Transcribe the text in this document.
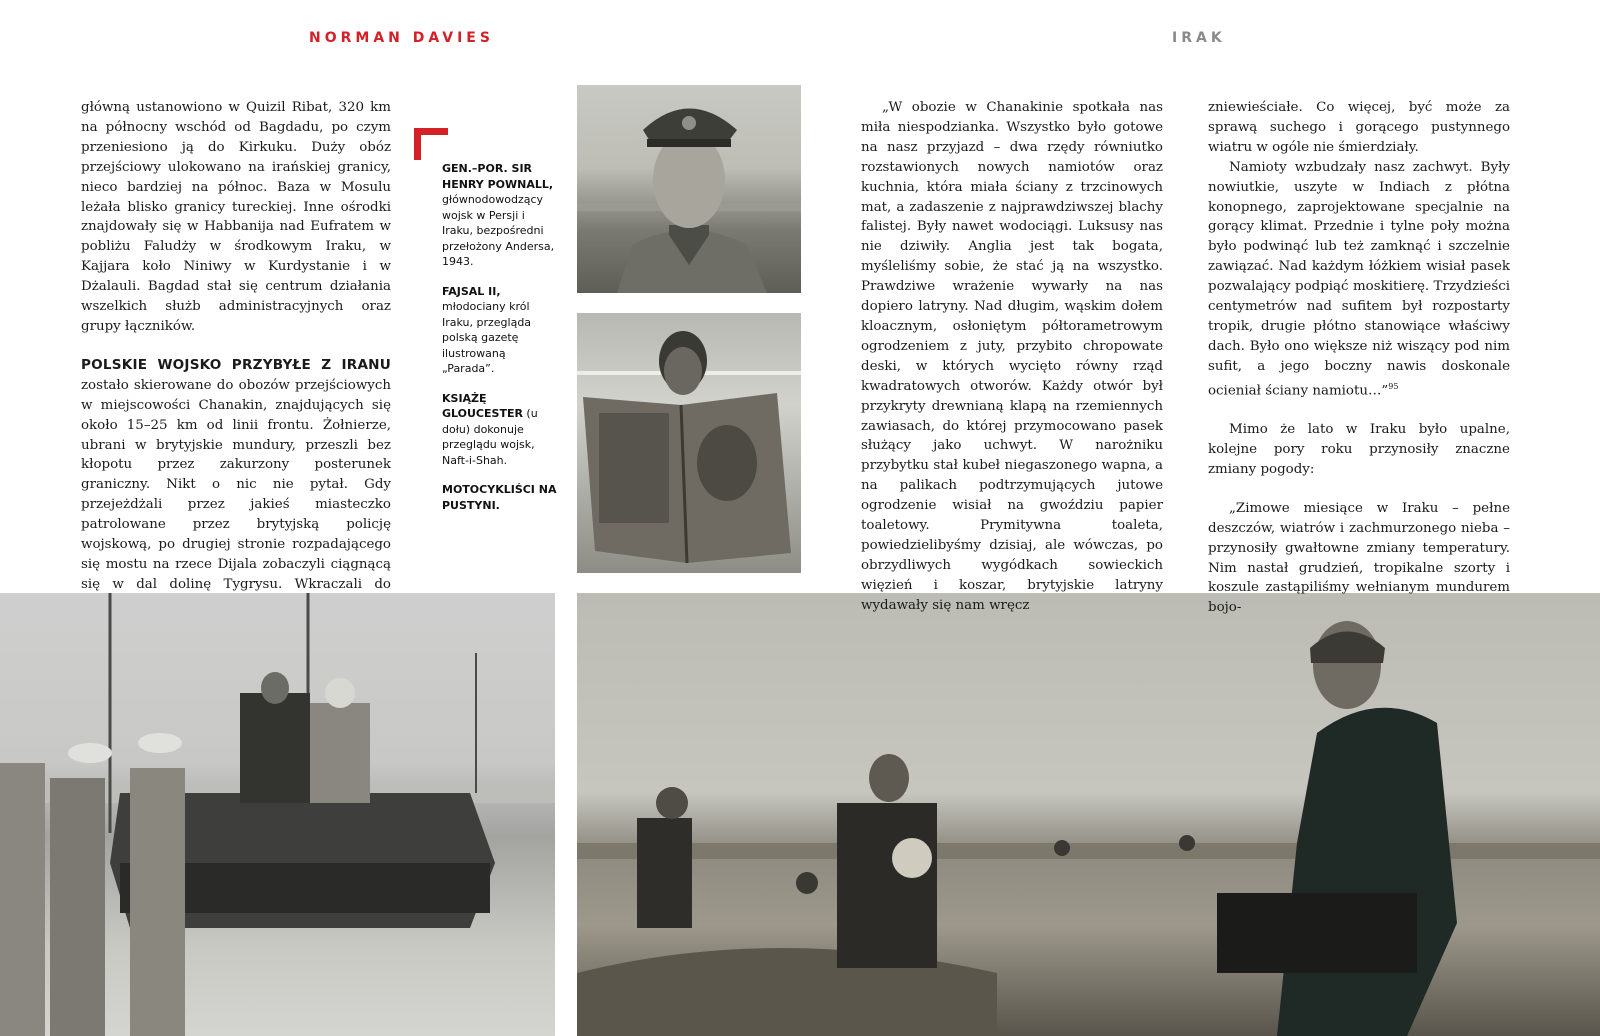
NORMAN DAVIES	IRAK

główną ustanowiono w Quizil Ribat, 320 km na północny wschód od Bagdadu, po czym przeniesiono ją do Kirkuku. Duży obóz przejściowy ulokowano na irańskiej granicy, nieco bardziej na północ. Baza w Mosulu leżała blisko granicy tureckiej. Inne ośrodki znajdowały się w Habbanija nad Eufratem w pobliżu Faludży w środkowym Iraku, w Kajjara koło Niniwy w Kurdystanie i w Dżalauli. Bagdad stał się centrum działania wszelkich służb administracyjnych oraz grupy łączników.

POLSKIE WOJSKO PRZYBYŁE Z IRANU zostało skierowane do obozów przejściowych w miejscowości Chanakin, znajdujących się około 15–25 km od linii frontu. Żołnierze, ubrani w brytyjskie mundury, przeszli bez kłopotu przez zakurzony posterunek graniczny. Nikt o nic nie pytał. Gdy przejeżdżali przez jakieś miasteczko patrolowane przez brytyjską policję wojskową, po drugiej stronie rozpadającego się mostu na rzece Dijala zobaczyli ciągnącą się w dal dolinę Tygrysu. Wkraczali do

GEN.–POR. SIR HENRY POWNALL, głównodowodzący wojsk w Persji i Iraku, bezpośredni przełożony Andersa, 1943.

FAJSAL II, młodociany król Iraku, przegląda polską gazetę ilustrowaną „Parada”.

KSIĄŻĘ GLOUCESTER (u dołu) dokonuje przeglądu wojsk, Naft-i-Shah.

MOTOCYKLIŚCI NA PUSTYNI.

„W obozie w Chanakinie spotkała nas miła niespodzianka. Wszystko było gotowe na nasz przyjazd – dwa rzędy równiutko rozstawionych nowych namiotów oraz kuchnia, która miała ściany z trzcinowych mat, a zadaszenie z najprawdziwszej blachy falistej. Były nawet wodociągi. Luksusy nas nie dziwiły. Anglia jest tak bogata, myśleliśmy sobie, że stać ją na wszystko. Prawdziwe wrażenie wywarły na nas dopiero latryny. Nad długim, wąskim dołem kloacznym, osłoniętym półtorametrowym ogrodzeniem z juty, przybito chropowate deski, w których wycięto równy rząd kwadratowych otworów. Każdy otwór był przykryty drewnianą klapą na rzemiennych zawiasach, do której przymocowano pasek służący jako uchwyt. W narożniku przybytku stał kubeł niegaszonego wapna, a na palikach podtrzymujących jutowe ogrodzenie wisiał na gwoździu papier toaletowy. Prymitywna toaleta, powiedzielibyśmy dzisiaj, ale wówczas, po obrzydliwych wygódkach sowieckich więzień i koszar, brytyjskie latryny wydawały się nam wręcz

zniewieściałe. Co więcej, być może za sprawą suchego i gorącego pustynnego wiatru w ogóle nie śmierdziały.

Namioty wzbudzały nasz zachwyt. Były nowiutkie, uszyte w Indiach z płótna konopnego, zaprojektowane specjalnie na gorący klimat. Przednie i tylne poły można było podwinąć lub też zamknąć i szczelnie zawiązać. Nad każdym łóżkiem wisiał pasek pozwalający podpiąć moskitierę. Trzydzieści centymetrów nad sufitem był rozpostarty tropik, drugie płótno stanowiące właściwy dach. Było ono większe niż wiszący pod nim sufit, a jego boczny nawis doskonale ocieniał ściany namiotu…”$^{95}$

Mimo że lato w Iraku było upalne, kolejne pory roku przynosiły znaczne zmiany pogody:

„Zimowe miesiące w Iraku – pełne deszczów, wiatrów i zachmurzonego nieba – przynosiły gwałtowne zmiany temperatury. Nim nastał grudzień, tropikalne szorty i koszule zastąpiliśmy wełnianym mundurem bojo-
